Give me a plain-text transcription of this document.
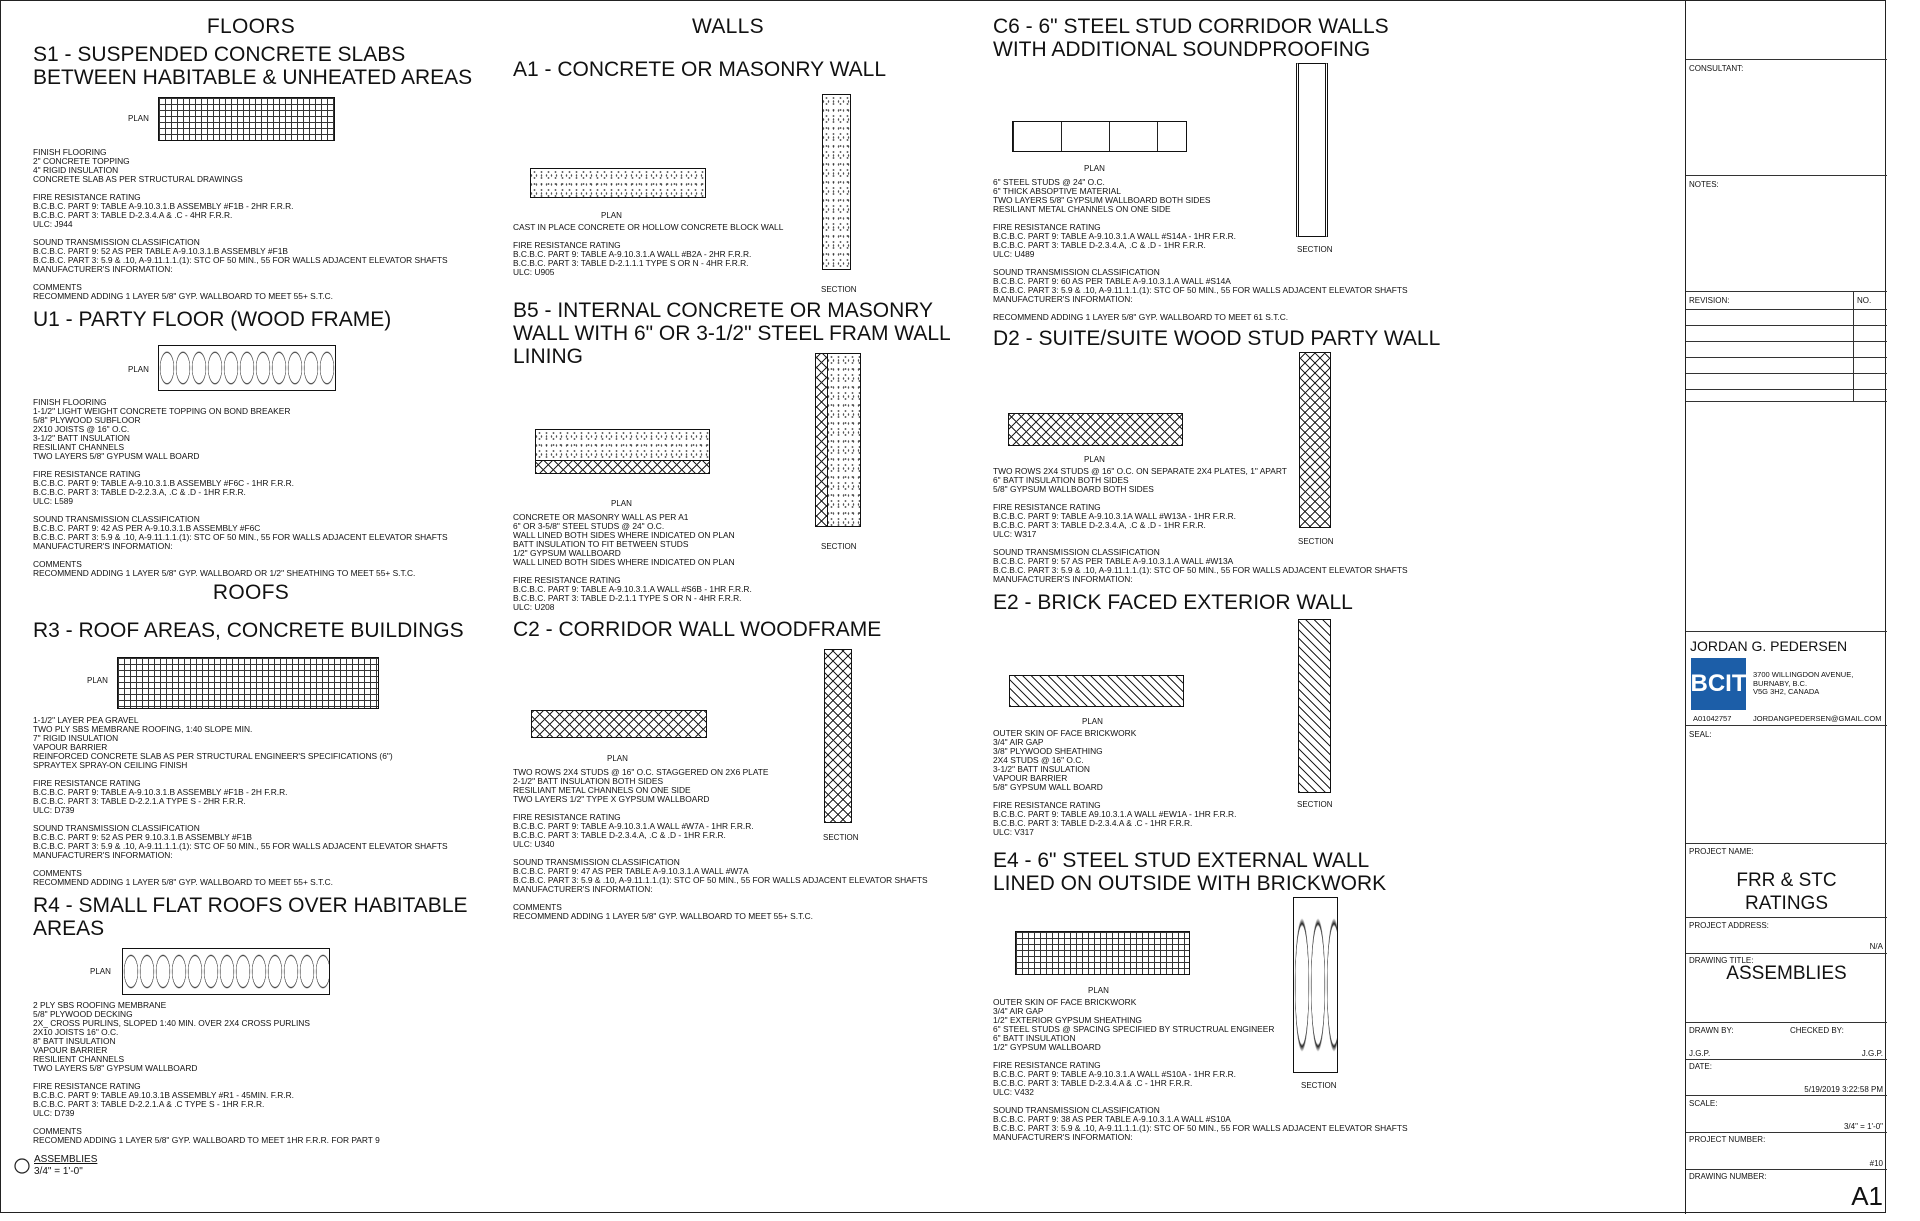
FLOORS
S1 - SUSPENDED CONCRETE SLABS
BETWEEN HABITABLE & UNHEATED AREAS
PLAN
FINISH FLOORING
2" CONCRETE TOPPING
4" RIGID INSULATION
CONCRETE SLAB AS PER STRUCTURAL DRAWINGS

FIRE RESISTANCE RATING
B.C.B.C. PART 9: TABLE A-9.10.3.1.B ASSEMBLY #F1B - 2HR F.R.R.
B.C.B.C. PART 3: TABLE D-2.3.4.A & .C - 4HR F.R.R.
ULC: J944

SOUND TRANSMISSION CLASSIFICATION
B.C.B.C. PART 9: 52 AS PER TABLE A-9.10.3.1.B ASSEMBLY #F1B
B.C.B.C. PART 3: 5.9 & .10, A-9.11.1.1.(1): STC OF 50 MIN., 55 FOR WALLS ADJACENT ELEVATOR SHAFTS
MANUFACTURER'S INFORMATION:

COMMENTS
RECOMMEND ADDING 1 LAYER 5/8" GYP. WALLBOARD TO MEET 55+ S.T.C.
U1 - PARTY FLOOR (WOOD FRAME)
PLAN
FINISH FLOORING
1-1/2" LIGHT WEIGHT CONCRETE TOPPING ON BOND BREAKER
5/8" PLYWOOD SUBFLOOR
2X10 JOISTS @ 16" O.C.
3-1/2" BATT INSULATION
RESILIANT CHANNELS
TWO LAYERS 5/8" GYPUSM WALL BOARD

FIRE RESISTANCE RATING
B.C.B.C. PART 9: TABLE A-9.10.3.1.B ASSEMBLY #F6C - 1HR F.R.R.
B.C.B.C. PART 3: TABLE D-2.2.3.A, .C & .D - 1HR F.R.R.
ULC: L589

SOUND TRANSMISSION CLASSIFICATION
B.C.B.C. PART 9: 42 AS PER A-9.10.3.1.B ASSEMBLY #F6C
B.C.B.C. PART 3: 5.9 & .10, A-9.11.1.1.(1): STC OF 50 MIN., 55 FOR WALLS ADJACENT ELEVATOR SHAFTS
MANUFACTURER'S INFORMATION:

COMMENTS
RECOMMEND ADDING 1 LAYER 5/8" GYP. WALLBOARD OR 1/2" SHEATHING TO MEET 55+ S.T.C.
ROOFS
R3 - ROOF AREAS, CONCRETE BUILDINGS
PLAN
1-1/2" LAYER PEA GRAVEL
TWO PLY SBS MEMBRANE ROOFING, 1:40 SLOPE MIN.
7" RIGID INSULATION
VAPOUR BARRIER
REINFORCED CONCRETE SLAB AS PER STRUCTURAL ENGINEER'S SPECIFICATIONS (6")
SPRAYTEX SPRAY-ON CEILING FINISH

FIRE RESISTANCE RATING
B.C.B.C. PART 9: TABLE A-9.10.3.1.B ASSEMBLY #F1B - 2H F.R.R.
B.C.B.C. PART 3: TABLE D-2.2.1.A TYPE S - 2HR F.R.R.
ULC: D739

SOUND TRANSMISSION CLASSIFICATION
B.C.B.C. PART 9: 52 AS PER 9.10.3.1.B ASSEMBLY #F1B
B.C.B.C. PART 3: 5.9 & .10, A-9.11.1.1.(1): STC OF 50 MIN., 55 FOR WALLS ADJACENT ELEVATOR SHAFTS
MANUFACTURER'S INFORMATION:

COMMENTS
RECOMMEND ADDING 1 LAYER 5/8" GYP. WALLBOARD TO MEET 55+ S.T.C.
R4 - SMALL FLAT ROOFS OVER HABITABLE
AREAS
PLAN
2 PLY SBS ROOFING MEMBRANE
5/8" PLYWOOD DECKING
2X_ CROSS PURLINS, SLOPED 1:40 MIN. OVER 2X4 CROSS PURLINS
2X10 JOISTS 16" O.C.
8" BATT INSULATION
VAPOUR BARRIER
RESILIENT CHANNELS
TWO LAYERS 5/8" GYPSUM WALLBOARD

FIRE RESISTANCE RATING
B.C.B.C. PART 9: TABLE A9.10.3.1B ASSEMBLY #R1 - 45MIN. F.R.R.
B.C.B.C. PART 3: TABLE D-2.2.1.A & .C TYPE S - 1HR F.R.R.
ULC: D739

COMMENTS
RECOMEND ADDING 1 LAYER 5/8" GYP. WALLBOARD TO MEET 1HR F.R.R. FOR PART 9
ASSEMBLIES
3/4" = 1'-0"
WALLS
A1 - CONCRETE OR MASONRY WALL
PLAN
SECTION
CAST IN PLACE CONCRETE OR HOLLOW CONCRETE BLOCK WALL

FIRE RESISTANCE RATING
B.C.B.C. PART 9: TABLE A-9.10.3.1.A WALL #B2A - 2HR F.R.R.
B.C.B.C. PART 3: TABLE D-2.1.1.1 TYPE S OR N - 4HR F.R.R.
ULC: U905
B5 - INTERNAL CONCRETE OR MASONRY
WALL WITH 6" OR 3-1/2" STEEL FRAM WALL
LINING
PLAN
SECTION
CONCRETE OR MASONRY WALL AS PER A1
6" OR 3-5/8" STEEL STUDS @ 24" O.C.
WALL LINED BOTH SIDES WHERE INDICATED ON PLAN
BATT INSULATION TO FIT BETWEEN STUDS
1/2" GYPSUM WALLBOARD
WALL LINED BOTH SIDES WHERE INDICATED ON PLAN

FIRE RESISTANCE RATING
B.C.B.C. PART 9: TABLE A-9.10.3.1.A WALL #S6B - 1HR F.R.R.
B.C.B.C. PART 3: TABLE D-2.1.1 TYPE S OR N - 4HR F.R.R.
ULC: U208
C2 - CORRIDOR WALL WOODFRAME
PLAN
SECTION
TWO ROWS 2X4 STUDS @ 16" O.C. STAGGERED ON 2X6 PLATE
2-1/2" BATT INSULATION BOTH SIDES
RESILIANT METAL CHANNELS ON ONE SIDE
TWO LAYERS 1/2" TYPE X GYPSUM WALLBOARD

FIRE RESISTANCE RATING
B.C.B.C. PART 9: TABLE A-9.10.3.1.A WALL #W7A - 1HR F.R.R.
B.C.B.C. PART 3: TABLE D-2.3.4.A, .C & .D - 1HR F.R.R.
ULC: U340

SOUND TRANSMISSION CLASSIFICATION
B.C.B.C. PART 9: 47 AS PER TABLE A-9.10.3.1.A WALL #W7A
B.C.B.C. PART 3: 5.9 & .10, A-9.11.1.1.(1): STC OF 50 MIN., 55 FOR WALLS ADJACENT ELEVATOR SHAFTS
MANUFACTURER'S INFORMATION:

COMMENTS
RECOMMEND ADDING 1 LAYER 5/8" GYP. WALLBOARD TO MEET 55+ S.T.C.
C6 - 6" STEEL STUD CORRIDOR WALLS
WITH ADDITIONAL SOUNDPROOFING
PLAN
SECTION
6" STEEL STUDS @ 24" O.C.
6" THICK ABSOPTIVE MATERIAL
TWO LAYERS 5/8" GYPSUM WALLBOARD BOTH SIDES
RESILIANT METAL CHANNELS ON ONE SIDE

FIRE RESISTANCE RATING
B.C.B.C. PART 9: TABLE A-9.10.3.1.A WALL #S14A - 1HR F.R.R.
B.C.B.C. PART 3: TABLE D-2.3.4.A, .C & .D - 1HR F.R.R.
ULC: U489

SOUND TRANSMISSION CLASSIFICATION
B.C.B.C. PART 9: 60 AS PER TABLE A-9.10.3.1.A WALL #S14A
B.C.B.C. PART 3: 5.9 & .10, A-9.11.1.1.(1): STC OF 50 MIN., 55 FOR WALLS ADJACENT ELEVATOR SHAFTS
MANUFACTURER'S INFORMATION:

RECOMMEND ADDING 1 LAYER 5/8" GYP. WALLBOARD TO MEET 61 S.T.C.
D2 - SUITE/SUITE WOOD STUD PARTY WALL
PLAN
SECTION
TWO ROWS 2X4 STUDS @ 16" O.C. ON SEPARATE 2X4 PLATES, 1" APART
6" BATT INSULATION BOTH SIDES
5/8" GYPSUM WALLBOARD BOTH SIDES

FIRE RESISTANCE RATING
B.C.B.C. PART 9: TABLE A-9.10.3.1A WALL #W13A - 1HR F.R.R.
B.C.B.C. PART 3: TABLE D-2.3.4.A, .C & .D - 1HR F.R.R.
ULC: W317

SOUND TRANSMISSION CLASSIFICATION
B.C.B.C. PART 9: 57 AS PER TABLE A-9.10.3.1.A WALL #W13A
B.C.B.C. PART 3: 5.9 & .10, A-9.11.1.1.(1): STC OF 50 MIN., 55 FOR WALLS ADJACENT ELEVATOR SHAFTS
MANUFACTURER'S INFORMATION:
E2 - BRICK FACED EXTERIOR WALL
PLAN
SECTION
OUTER SKIN OF FACE BRICKWORK
3/4" AIR GAP
3/8" PLYWOOD SHEATHING
2X4 STUDS @ 16" O.C.
3-1/2" BATT INSULATION
VAPOUR BARRIER
5/8" GYPSUM WALL BOARD

FIRE RESISTANCE RATING
B.C.B.C. PART 9: TABLE A9.10.3.1.A WALL #EW1A - 1HR F.R.R.
B.C.B.C. PART 3: TABLE D-2.3.4.A & .C - 1HR F.R.R.
ULC: V317
E4 - 6" STEEL STUD EXTERNAL WALL
LINED ON OUTSIDE WITH BRICKWORK
PLAN
SECTION
OUTER SKIN OF FACE BRICKWORK
3/4" AIR GAP
1/2" EXTERIOR GYPSUM SHEATHING
6" STEEL STUDS @ SPACING SPECIFIED BY STRUCTRUAL ENGINEER
6" BATT INSULATION
1/2" GYPSUM WALLBOARD

FIRE RESISTANCE RATING
B.C.B.C. PART 9: TABLE A-9.10.3.1.A WALL #S10A - 1HR F.R.R.
B.C.B.C. PART 3: TABLE D-2.3.4.A & .C - 1HR F.R.R.
ULC: V432

SOUND TRANSMISSION CLASSIFICATION
B.C.B.C. PART 9: 38 AS PER TABLE A-9.10.3.1.A WALL #S10A
B.C.B.C. PART 3: 5.9 & .10, A-9.11.1.1.(1): STC OF 50 MIN., 55 FOR WALLS ADJACENT ELEVATOR SHAFTS
MANUFACTURER'S INFORMATION:
CONSULTANT:
NOTES:
REVISION:	NO.
JORDAN G. PEDERSEN
BCIT 3700 WILLINGDON AVENUE,
BURNABY, B.C.
V5G 3H2, CANADA
A01042757	JORDANGPEDERSEN@GMAIL.COM
SEAL:
PROJECT NAME:
FRR & STC
RATINGS
PROJECT ADDRESS:
N/A
DRAWING TITLE:
ASSEMBLIES
DRAWN BY:	CHECKED BY:
J.G.P.	J.G.P.
DATE:
5/19/2019 3:22:58 PM
SCALE:
3/4" = 1'-0"
PROJECT NUMBER:
#10
DRAWING NUMBER:
A1
